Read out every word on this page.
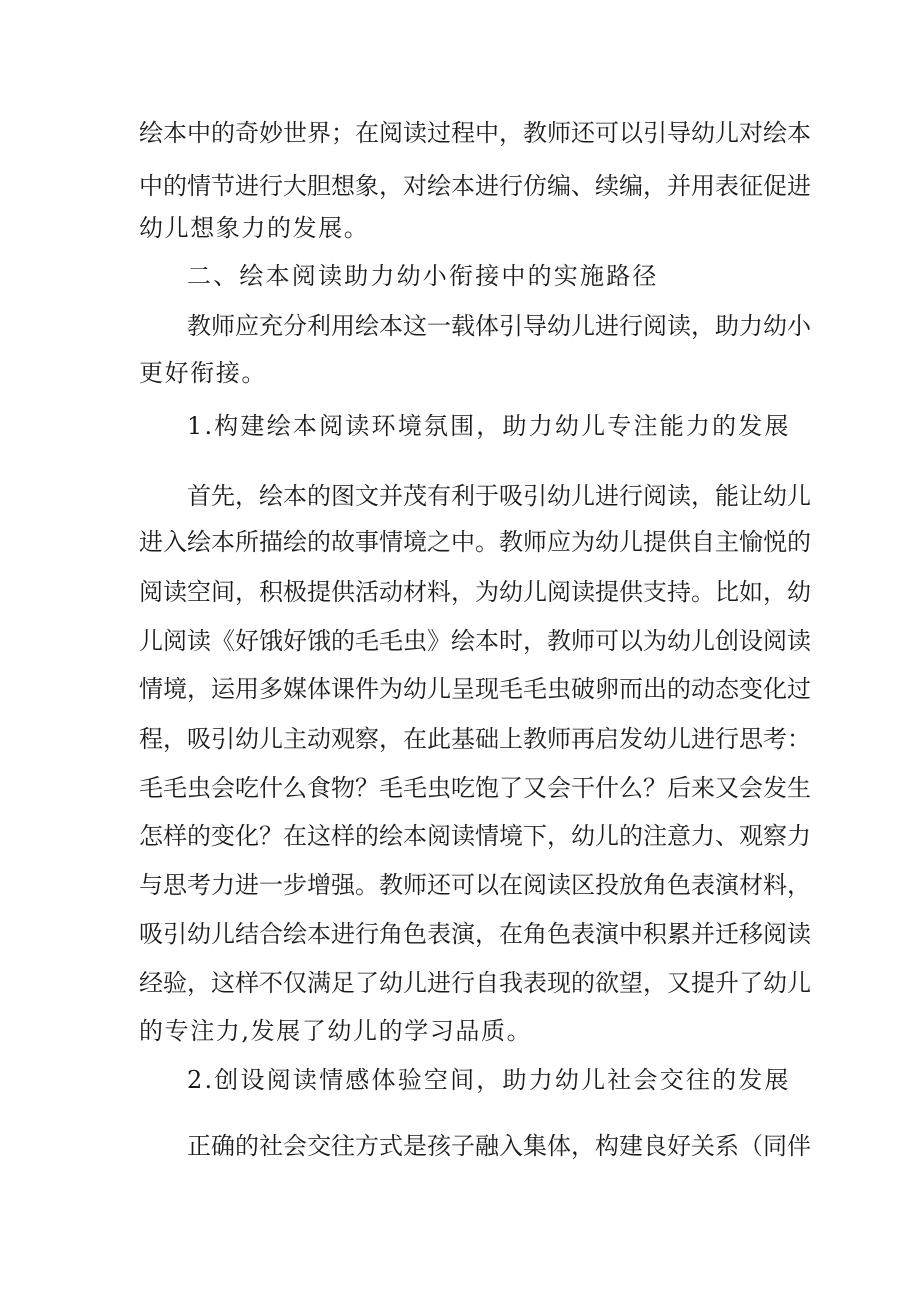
绘本中的奇妙世界；在阅读过程中，教师还可以引导幼儿对绘本
中的情节进行大胆想象，对绘本进行仿编、续编，并用表征促进
幼儿想象力的发展。
二、绘本阅读助力幼小衔接中的实施路径
教师应充分利用绘本这一载体引导幼儿进行阅读，助力幼小
更好衔接。
1.构建绘本阅读环境氛围，助力幼儿专注能力的发展
首先，绘本的图文并茂有利于吸引幼儿进行阅读，能让幼儿
进入绘本所描绘的故事情境之中。教师应为幼儿提供自主愉悦的
阅读空间，积极提供活动材料，为幼儿阅读提供支持。比如，幼
儿阅读《好饿好饿的毛毛虫》绘本时，教师可以为幼儿创设阅读
情境，运用多媒体课件为幼儿呈现毛毛虫破卵而出的动态变化过
程，吸引幼儿主动观察，在此基础上教师再启发幼儿进行思考：
毛毛虫会吃什么食物？毛毛虫吃饱了又会干什么？后来又会发生
怎样的变化？在这样的绘本阅读情境下，幼儿的注意力、观察力
与思考力进一步增强。教师还可以在阅读区投放角色表演材料，
吸引幼儿结合绘本进行角色表演，在角色表演中积累并迁移阅读
经验，这样不仅满足了幼儿进行自我表现的欲望，又提升了幼儿
的专注力,发展了幼儿的学习品质。
2.创设阅读情感体验空间，助力幼儿社会交往的发展
正确的社会交往方式是孩子融入集体，构建良好关系（同伴
